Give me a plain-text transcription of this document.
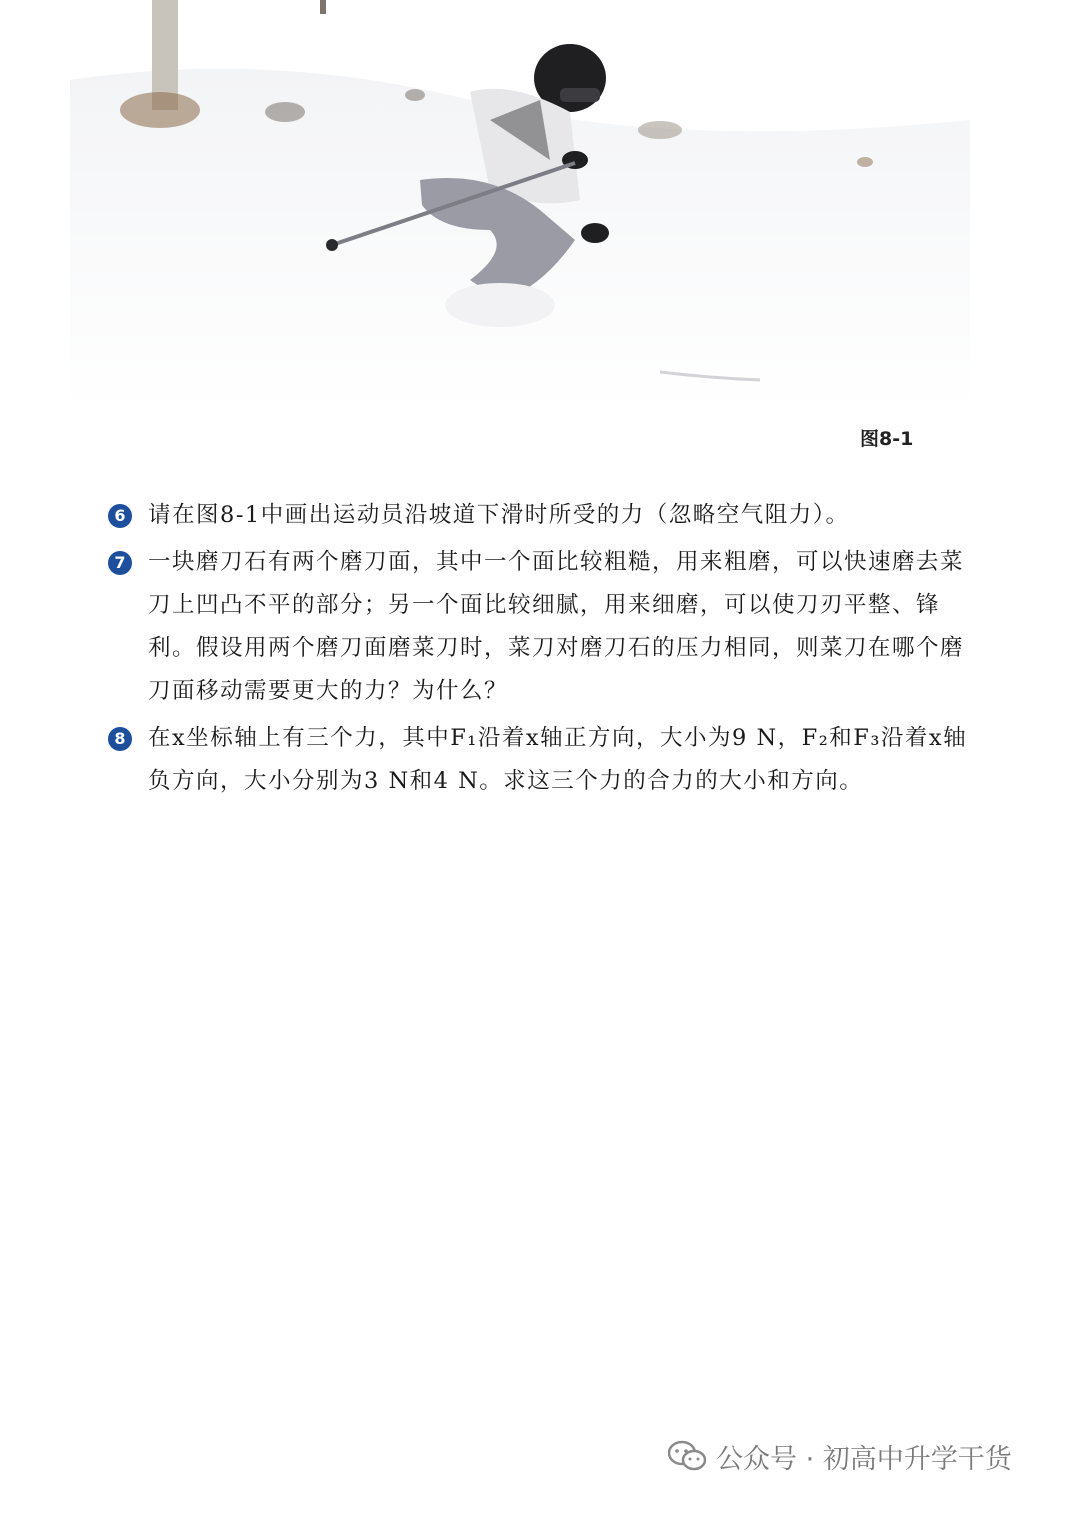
图8-1
6 请在图8-1中画出运动员沿坡道下滑时所受的力（忽略空气阻力）。
7 一块磨刀石有两个磨刀面，其中一个面比较粗糙，用来粗磨，可以快速磨去菜刀上凹凸不平的部分；另一个面比较细腻，用来细磨，可以使刀刃平整、锋利。假设用两个磨刀面磨菜刀时，菜刀对磨刀石的压力相同，则菜刀在哪个磨刀面移动需要更大的力？为什么？
8 在x坐标轴上有三个力，其中F₁沿着x轴正方向，大小为9 N，F₂和F₃沿着x轴负方向，大小分别为3 N和4 N。求这三个力的合力的大小和方向。
公众号 · 初高中升学干货
